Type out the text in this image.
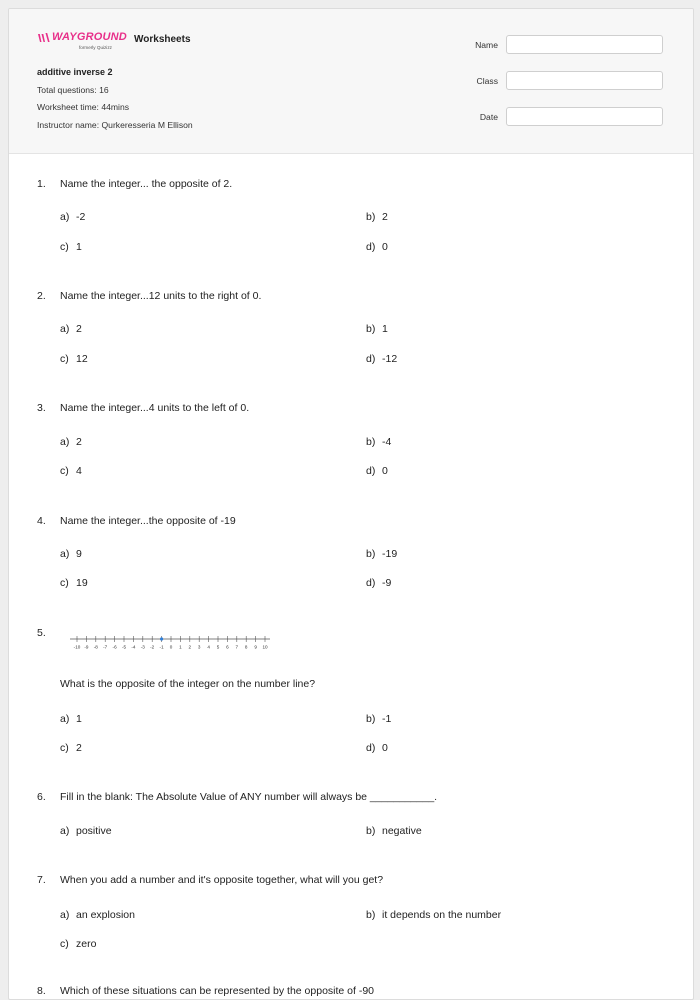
WAYGROUND
formerly Quizizz
Worksheets
additive inverse 2
Total questions: 16
Worksheet time: 44mins
Instructor name: Qurkeresseria M Ellison
Name
Class
Date
1. Name the integer... the opposite of 2.
a) -2	b) 2
c) 1	d) 0
2. Name the integer...12 units to the right of 0.
a) 2	b) 1
c) 12	d) -12
3. Name the integer...4 units to the left of 0.
a) 2	b) -4
c) 4	d) 0
4. Name the integer...the opposite of -19
a) 9	b) -19
c) 19	d) -9
5.
-10 -9 -8 -7 -6 -5 -4 -3 -2 -1 0 1 2 3 4 5 6 7 8 9 10
What is the opposite of the integer on the number line?
a) 1	b) -1
c) 2	d) 0
6. Fill in the blank: The Absolute Value of ANY number will always be ___________.
a) positive	b) negative
7. When you add a number and it's opposite together, what will you get?
a) an explosion	b) it depends on the number
c) zero
8. Which of these situations can be represented by the opposite of -90
